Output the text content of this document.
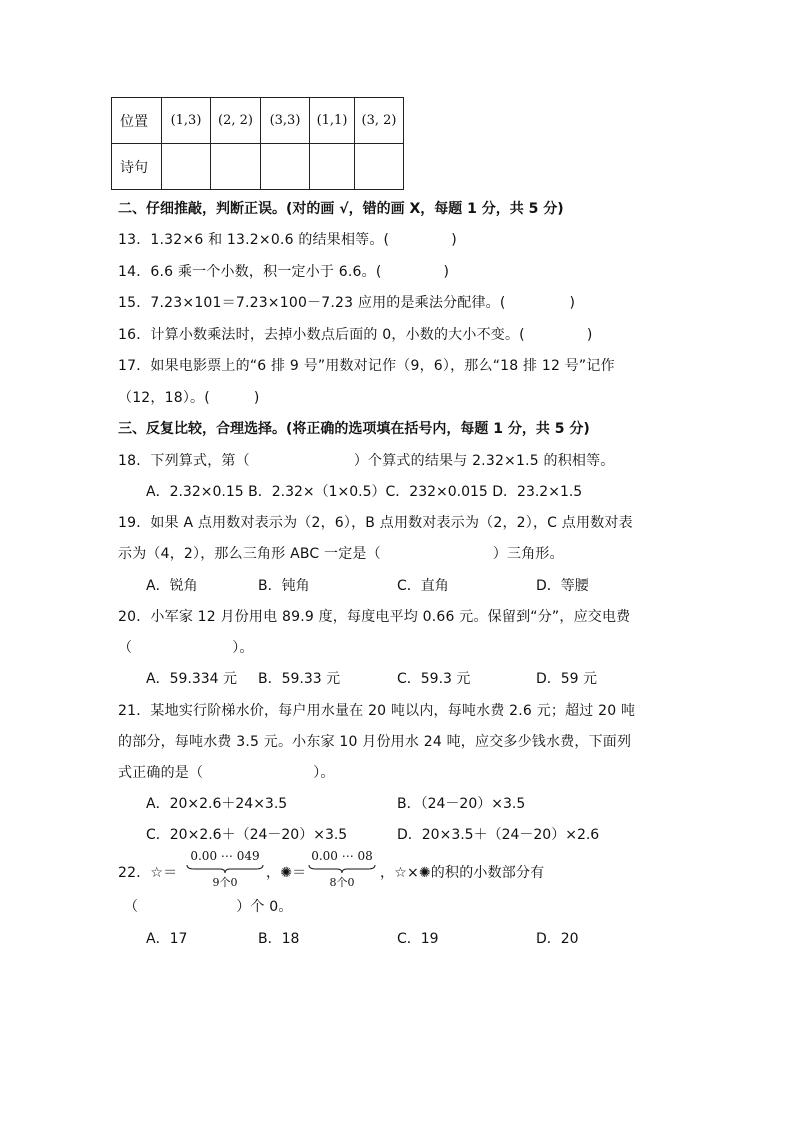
位置	(1,3)	(2, 2)	(3,3)	(1,1)	(3, 2)
诗句					
二、仔细推敲，判断正误。(对的画 √，错的画 X，每题 1 分，共 5 分)
13．1.32×6 和 13.2×0.6 的结果相等。(	)
14．6.6 乘一个小数，积一定小于 6.6。(	)
15．7.23×101＝7.23×100－7.23 应用的是乘法分配律。(	)
16．计算小数乘法时，去掉小数点后面的 0，小数的大小不变。(	)
17．如果电影票上的“6 排 9 号”用数对记作（9，6），那么“18 排 12 号”记作
（12，18）。(	)
三、反复比较，合理选择。(将正确的选项填在括号内，每题 1 分，共 5 分)
18．下列算式，第（	）个算式的结果与 2.32×1.5 的积相等。
A．2.32×0.15 B．2.32×（1×0.5）C．232×0.015 D．23.2×1.5
19．如果 A 点用数对表示为（2，6），B 点用数对表示为（2，2），C 点用数对表
示为（4，2），那么三角形 ABC 一定是（	）三角形。
A．锐角	B．钝角	C．直角	D．等腰
20．小军家 12 月份用电 89.9 度，每度电平均 0.66 元。保留到“分”，应交电费
（	）。
A．59.334 元 B．59.33 元	C．59.3 元	D．59 元
21．某地实行阶梯水价，每户用水量在 20 吨以内，每吨水费 2.6 元；超过 20 吨
的部分，每吨水费 3.5 元。小东家 10 月份用水 24 吨，应交多少钱水费，下面列
式正确的是（	）。
A．20×2.6＋24×3.5	B．（24－20）×3.5
C．20×2.6＋（24－20）×3.5	D．20×3.5＋（24－20）×2.6
22．☆＝
0.00 ⋯ 049
9个0
，✺＝
0.00 ⋯ 08
8个0
，☆×✺的积的小数部分有
（	）个 0。
A．17	B．18	C．19	D．20
